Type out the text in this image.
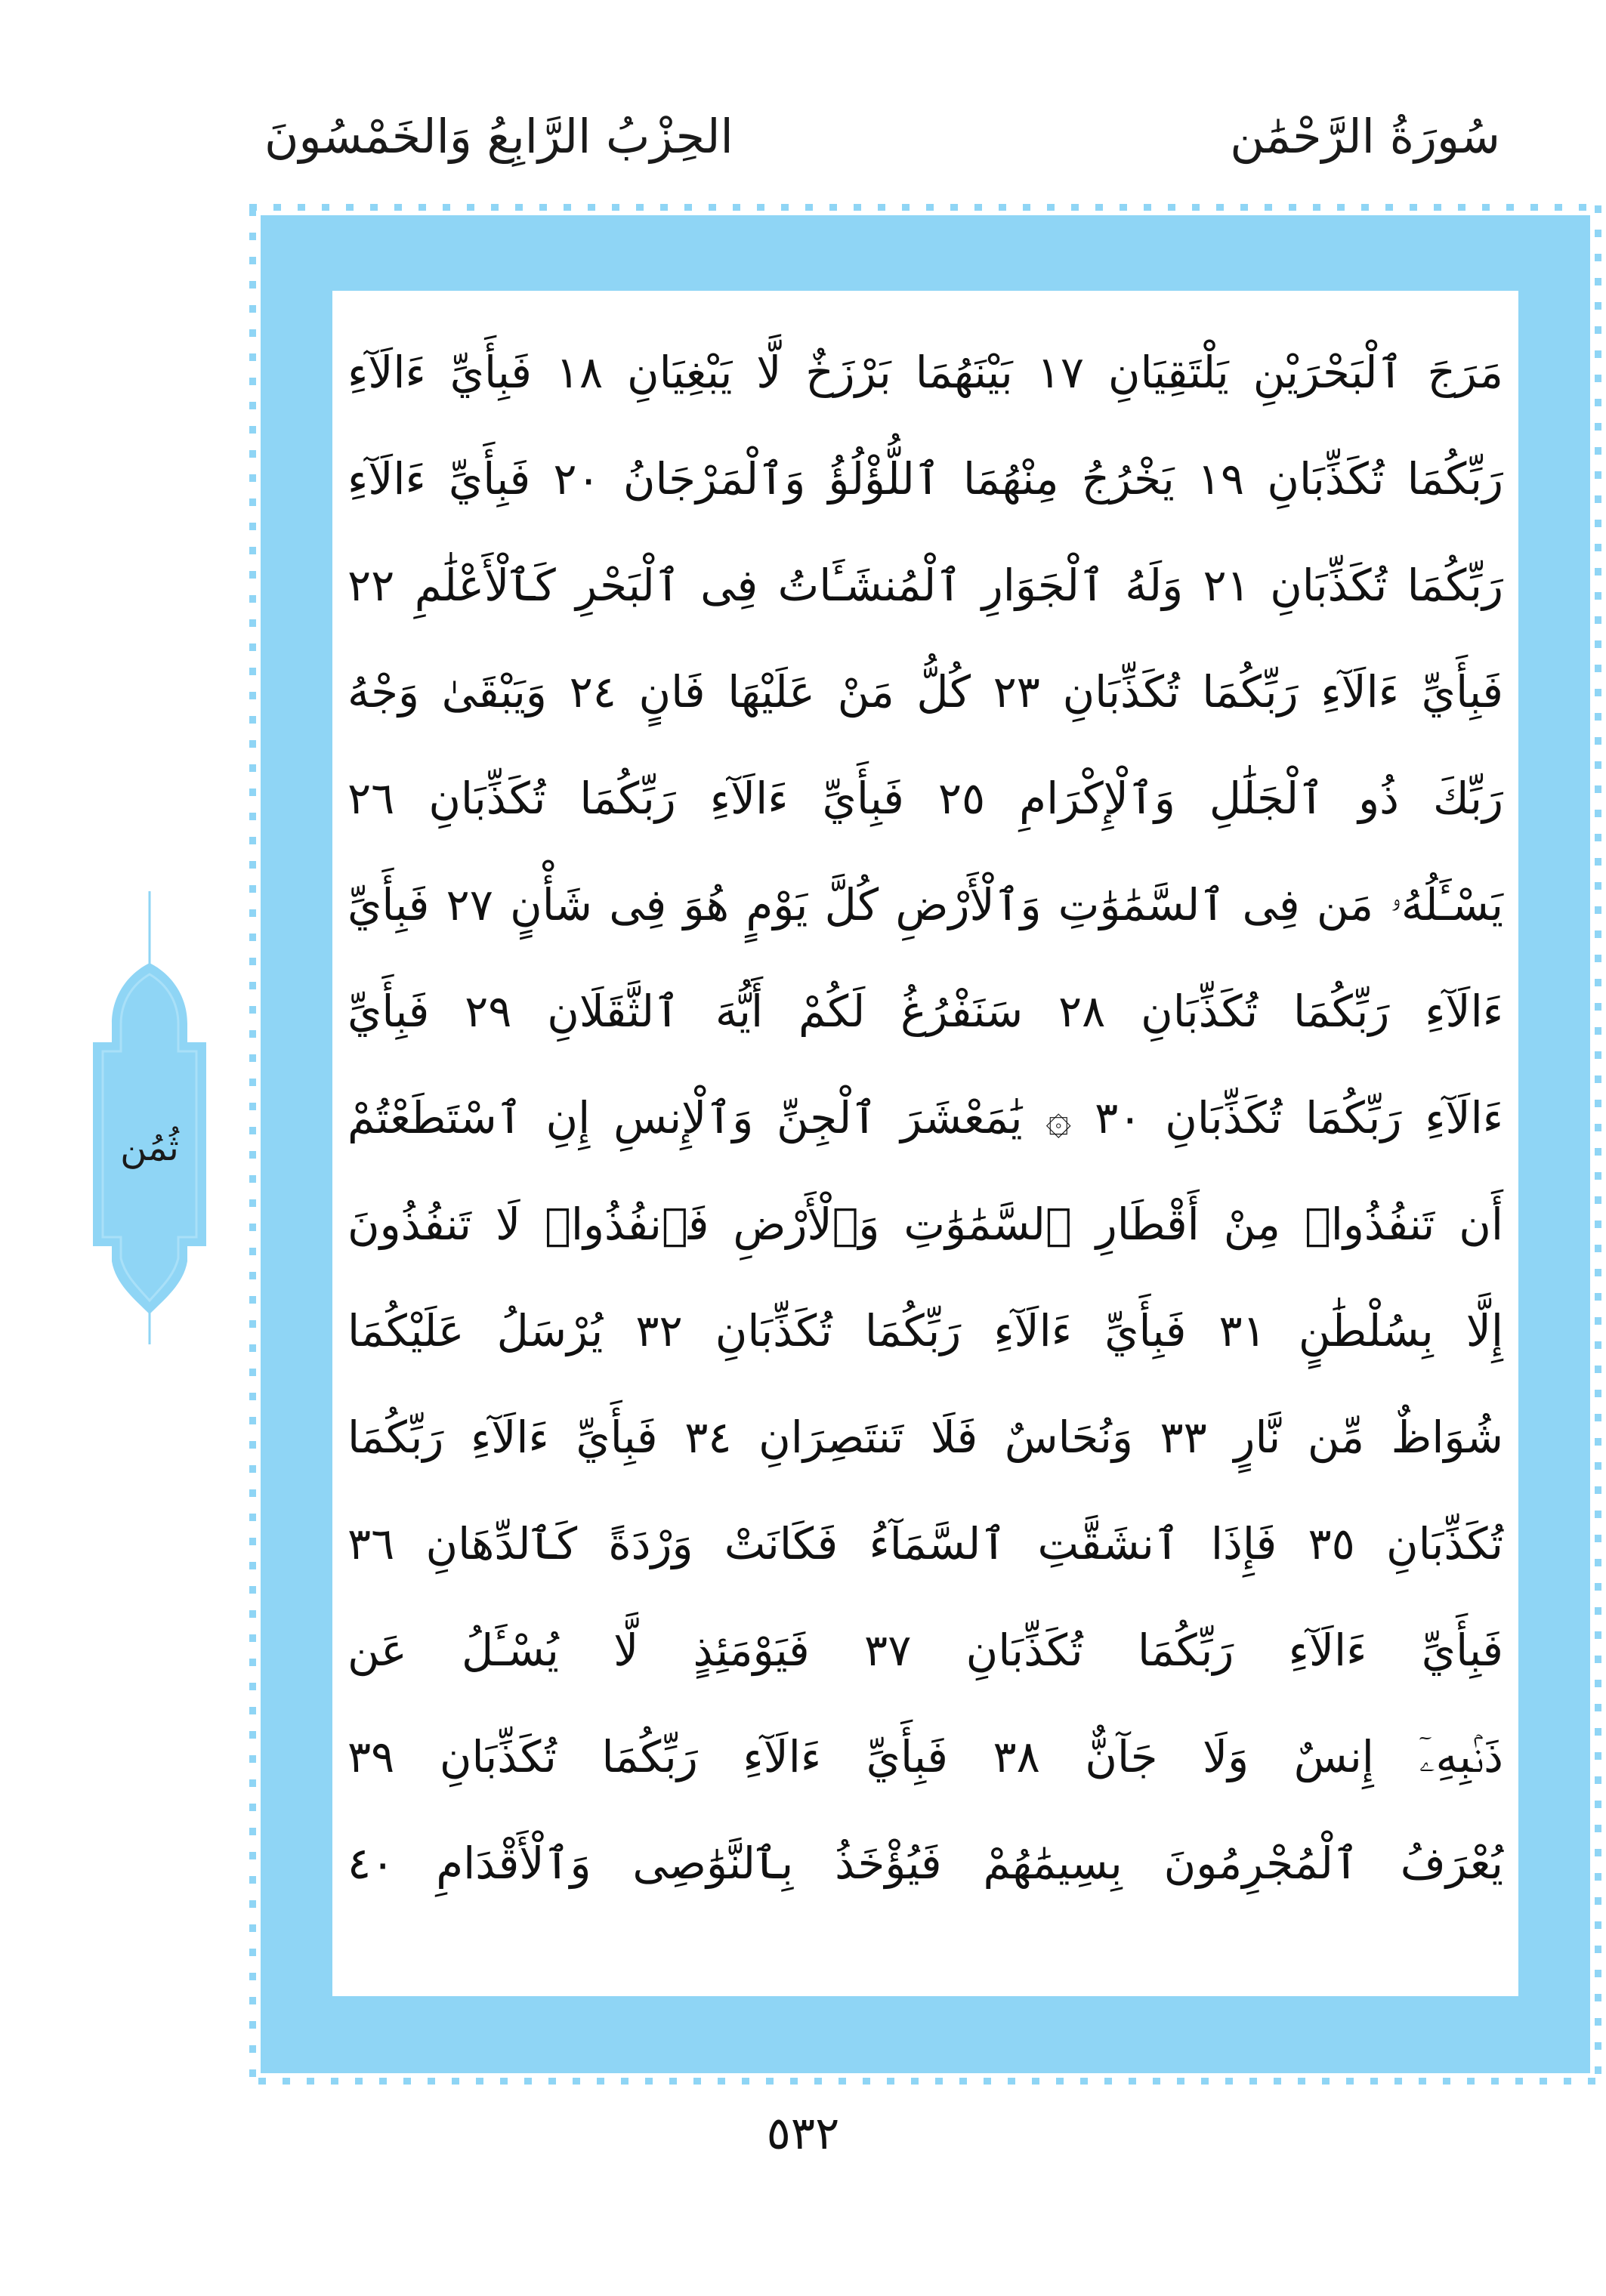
سُورَةُ الرَّحْمَٰن
الحِزْبُ الرَّابِعُ وَالخَمْسُونَ
مَرَجَ ٱلْبَحْرَيْنِ يَلْتَقِيَانِ ١٧ بَيْنَهُمَا بَرْزَخٌ لَّا يَبْغِيَانِ ١٨ فَبِأَيِّ ءَالَآءِ
رَبِّكُمَا تُكَذِّبَانِ ١٩ يَخْرُجُ مِنْهُمَا ٱللُّؤْلُؤُ وَٱلْمَرْجَانُ ٢٠ فَبِأَيِّ ءَالَآءِ
رَبِّكُمَا تُكَذِّبَانِ ٢١ وَلَهُ ٱلْجَوَارِ ٱلْمُنشَـَٔاتُ فِى ٱلْبَحْرِ كَٱلْأَعْلَٰمِ ٢٢
فَبِأَيِّ ءَالَآءِ رَبِّكُمَا تُكَذِّبَانِ ٢٣ كُلُّ مَنْ عَلَيْهَا فَانٍ ٢٤ وَيَبْقَىٰ وَجْهُ
رَبِّكَ ذُو ٱلْجَلَٰلِ وَٱلْإِكْرَامِ ٢٥ فَبِأَيِّ ءَالَآءِ رَبِّكُمَا تُكَذِّبَانِ ٢٦
يَسْـَٔلُهُۥ مَن فِى ٱلسَّمَٰوَٰتِ وَٱلْأَرْضِ كُلَّ يَوْمٍ هُوَ فِى شَأْنٍ ٢٧ فَبِأَيِّ
ءَالَآءِ رَبِّكُمَا تُكَذِّبَانِ ٢٨ سَنَفْرُغُ لَكُمْ أَيُّهَ ٱلثَّقَلَانِ ٢٩ فَبِأَيِّ
ءَالَآءِ رَبِّكُمَا تُكَذِّبَانِ ٣٠ ۞ يَٰمَعْشَرَ ٱلْجِنِّ وَٱلْإِنسِ إِنِ ٱسْتَطَعْتُمْ
أَن تَنفُذُوا۟ مِنْ أَقْطَارِ ٱلسَّمَٰوَٰتِ وَٱلْأَرْضِ فَٱنفُذُوا۟ لَا تَنفُذُونَ
إِلَّا بِسُلْطَٰنٍ ٣١ فَبِأَيِّ ءَالَآءِ رَبِّكُمَا تُكَذِّبَانِ ٣٢ يُرْسَلُ عَلَيْكُمَا
شُوَاظٌ مِّن نَّارٍ ٣٣ وَنُحَاسٌ فَلَا تَنتَصِرَانِ ٣٤ فَبِأَيِّ ءَالَآءِ رَبِّكُمَا
تُكَذِّبَانِ ٣٥ فَإِذَا ٱنشَقَّتِ ٱلسَّمَآءُ فَكَانَتْ وَرْدَةً كَٱلدِّهَانِ ٣٦
فَبِأَيِّ ءَالَآءِ رَبِّكُمَا تُكَذِّبَانِ ٣٧ فَيَوْمَئِذٍ لَّا يُسْـَٔلُ عَن
ذَنۢبِهِۦٓ إِنسٌ وَلَا جَآنٌّ ٣٨ فَبِأَيِّ ءَالَآءِ رَبِّكُمَا تُكَذِّبَانِ ٣٩
يُعْرَفُ ٱلْمُجْرِمُونَ بِسِيمَٰهُمْ فَيُؤْخَذُ بِٱلنَّوَٰصِى وَٱلْأَقْدَامِ ٤٠
ثُمُن
٥٣٢
